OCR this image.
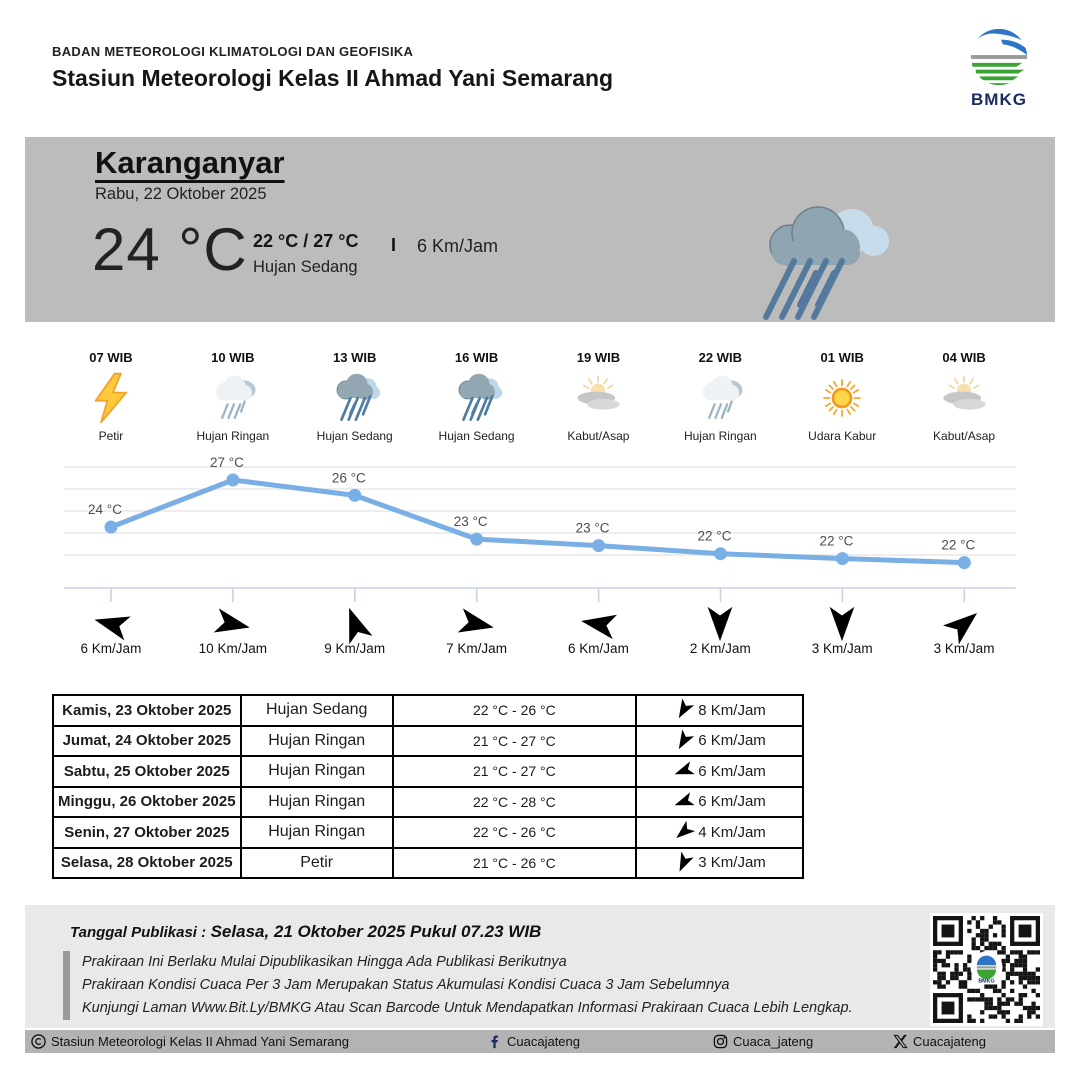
BADAN METEOROLOGI KLIMATOLOGI DAN GEOFISIKA
Stasiun Meteorologi Kelas II Ahmad Yani Semarang
BMKG
Karanganyar
Rabu, 22 Oktober 2025
24 °C 22 °C / 27 °C
Hujan Sedang
I 6 Km/Jam
07 WIB
Petir
10 WIB
Hujan Ringan
13 WIB
Hujan Sedang
16 WIB
Hujan Sedang
19 WIB
Kabut/Asap
22 WIB
Hujan Ringan
01 WIB
Udara Kabur
04 WIB
Kabut/Asap
24 °C
27 °C
26 °C
23 °C	23 °C
22 °C	22 °C	22 °C
6 Km/Jam	10 Km/Jam	9 Km/Jam	7 Km/Jam	6 Km/Jam	2 Km/Jam	3 Km/Jam	3 Km/Jam
Kamis, 23 Oktober 2025	Hujan Sedang	22 °C - 26 °C	8 Km/Jam

Jumat, 24 Oktober 2025	Hujan Ringan	21 °C - 27 °C	6 Km/Jam

Sabtu, 25 Oktober 2025	Hujan Ringan	21 °C - 27 °C	6 Km/Jam

Minggu, 26 Oktober 2025	Hujan Ringan	22 °C - 28 °C	6 Km/Jam

Senin, 27 Oktober 2025	Hujan Ringan	22 °C - 26 °C	4 Km/Jam

Selasa, 28 Oktober 2025	Petir	21 °C - 26 °C	3 Km/Jam
Tanggal Publikasi : Selasa, 21 Oktober 2025 Pukul 07.23 WIB
Prakiraan Ini Berlaku Mulai Dipublikasikan Hingga Ada Publikasi Berikutnya
Prakiraan Kondisi Cuaca Per 3 Jam Merupakan Status Akumulasi Kondisi Cuaca 3 Jam Sebelumnya
Kunjungi Laman Www.Bit.Ly/BMKG Atau Scan Barcode Untuk Mendapatkan Informasi Prakiraan Cuaca Lebih Lengkap.
BMKG
Stasiun Meteorologi Kelas II Ahmad Yani Semarang	Cuacajateng	Cuaca_jateng	Cuacajateng
